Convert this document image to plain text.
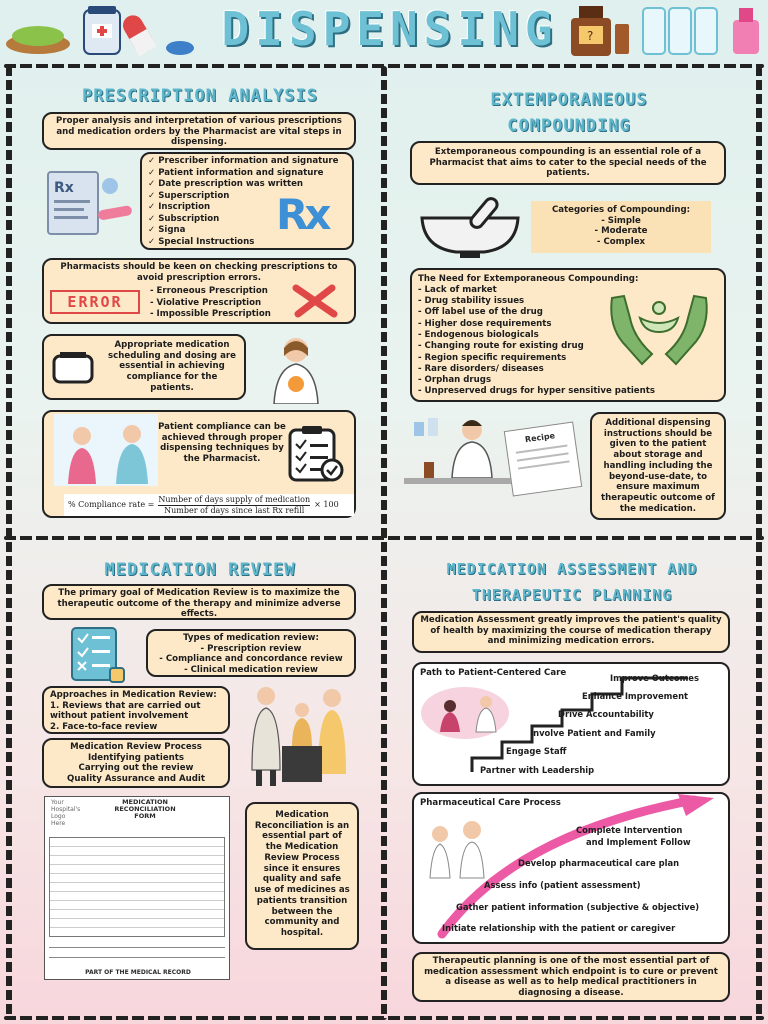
DISPENSING	?
PRESCRIPTION ANALYSIS
Proper analysis and interpretation of various prescriptions and medication orders by the Pharmacist are vital steps in dispensing.
Rx
✓ Prescriber information and signature
✓ Patient information and signature
✓ Date prescription was written
✓ Superscription
✓ Inscription
✓ Subscription
✓ Signa
✓ Special Instructions
Rx
Pharmacists should be keen on checking prescriptions to avoid prescription errors.
ERROR
- Erroneous Prescription
- Violative Prescription
- Impossible Prescription
Appropriate medication scheduling and dosing are essential in achieving compliance for the patients.
Patient compliance can be achieved through proper dispensing techniques by the Pharmacist.
% Compliance rate =
Number of days supply of medication
Number of days since last Rx refill
× 100
EXTEMPORANEOUS
COMPOUNDING
Extemporaneous compounding is an essential role of a Pharmacist that aims to cater to the special needs of the patients.
Categories of Compounding:
- Simple
- Moderate
- Complex
The Need for Extemporaneous Compounding:
- Lack of market
- Drug stability issues
- Off label use of the drug
- Higher dose requirements
- Endogenous biologicals
- Changing route for existing drug
- Region specific requirements
- Rare disorders/ diseases
- Orphan drugs
- Unpreserved drugs for hyper sensitive patients
Recipe
Additional dispensing instructions should be given to the patient about storage and handling including the beyond-use-date, to ensure maximum therapeutic outcome of the medication.
MEDICATION REVIEW
The primary goal of Medication Review is to maximize the therapeutic outcome of the therapy and minimize adverse effects.
Types of medication review:
- Prescription review
- Compliance and concordance review
- Clinical medication review
Approaches in Medication Review:
1. Reviews that are carried out
without patient involvement
2. Face-to-face review
Medication Review Process
Identifying patients
Carrying out the review
Quality Assurance and Audit
Your
Hospital's
Logo
Here
MEDICATION
RECONCILIATION
FORM
PART OF THE MEDICAL RECORD
Medication Reconciliation is an essential part of the Medication Review Process since it ensures quality and safe use of medicines as patients transition between the community and hospital.
MEDICATION ASSESSMENT AND
THERAPEUTIC PLANNING
Medication Assessment greatly improves the patient's quality of health by maximizing the course of medication therapy and minimizing medication errors.
Path to Patient-Centered Care	Improve Outcomes
Enhance Improvement
Drive Accountability
Involve Patient and Family
Engage Staff
Partner with Leadership
Pharmaceutical Care Process
Complete Intervention
and Implement Follow
Develop pharmaceutical care plan
Assess info (patient assessment)
Gather patient information (subjective & objective)
Initiate relationship with the patient or caregiver
Therapeutic planning is one of the most essential part of medication assessment which endpoint is to cure or prevent a disease as well as to help medical practitioners in diagnosing a disease.
